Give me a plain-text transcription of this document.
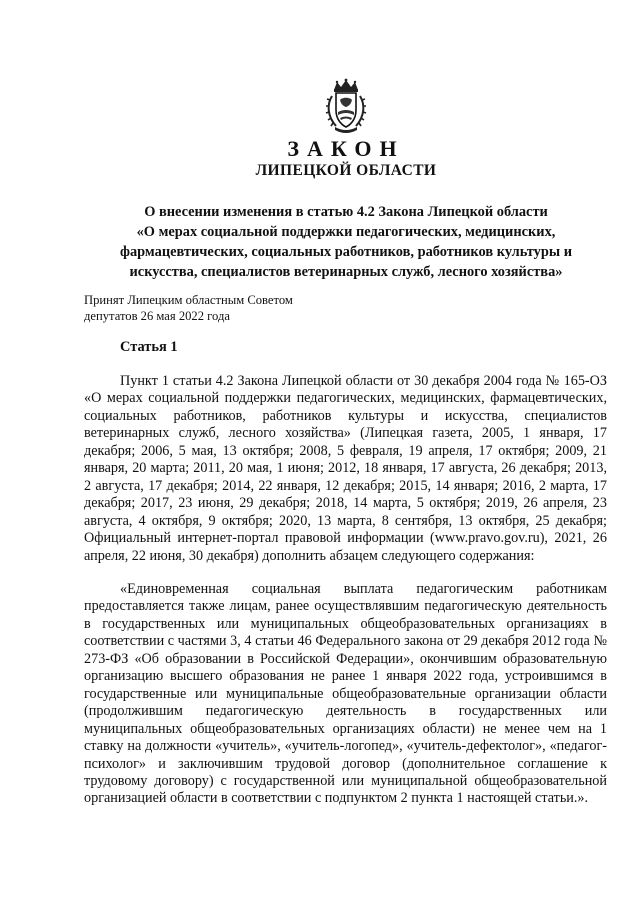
ЗАКОН
ЛИПЕЦКОЙ ОБЛАСТИ
О внесении изменения в статью 4.2 Закона Липецкой области
«О мерах социальной поддержки педагогических, медицинских,
фармацевтических, социальных работников, работников культуры и
искусства, специалистов ветеринарных служб, лесного хозяйства»
Принят Липецким областным Советом
депутатов 26 мая 2022 года
Статья 1

Пункт 1 статьи 4.2 Закона Липецкой области от 30 декабря 2004 года № 165-ОЗ «О мерах социальной поддержки педагогических, медицинских, фармацевтических, социальных работников, работников культуры и искусства, специалистов ветеринарных служб, лесного хозяйства» (Липецкая газета, 2005, 1 января, 17 декабря; 2006, 5 мая, 13 октября; 2008, 5 февраля, 19 апреля, 17 октября; 2009, 21 января, 20 марта; 2011, 20 мая, 1 июня; 2012, 18 января, 17 августа, 26 декабря; 2013, 2 августа, 17 декабря; 2014, 22 января, 12 декабря; 2015, 14 января; 2016, 2 марта, 17 декабря; 2017, 23 июня, 29 декабря; 2018, 14 марта, 5 октября; 2019, 26 апреля, 23 августа, 4 октября, 9 октября; 2020, 13 марта, 8 сентября, 13 октября, 25 декабря; Официальный интернет-портал правовой информации (www.pravo.gov.ru), 2021, 26 апреля, 22 июня, 30 декабря) дополнить абзацем следующего содержания:

«Единовременная социальная выплата педагогическим работникам предоставляется также лицам, ранее осуществлявшим педагогическую деятельность в государственных или муниципальных общеобразовательных организациях в соответствии с частями 3, 4 статьи 46 Федерального закона от 29 декабря 2012 года № 273-ФЗ «Об образовании в Российской Федерации», окончившим образовательную организацию высшего образования не ранее 1 января 2022 года, устроившимся в государственные или муниципальные общеобразовательные организации области (продолжившим педагогическую деятельность в государственных или муниципальных общеобразовательных организациях области) не менее чем на 1 ставку на должности «учитель», «учитель-логопед», «учитель-дефектолог», «педагог-психолог» и заключившим трудовой договор (дополнительное соглашение к трудовому договору) с государственной или муниципальной общеобразовательной организацией области в соответствии с подпунктом 2 пункта 1 настоящей статьи.».
